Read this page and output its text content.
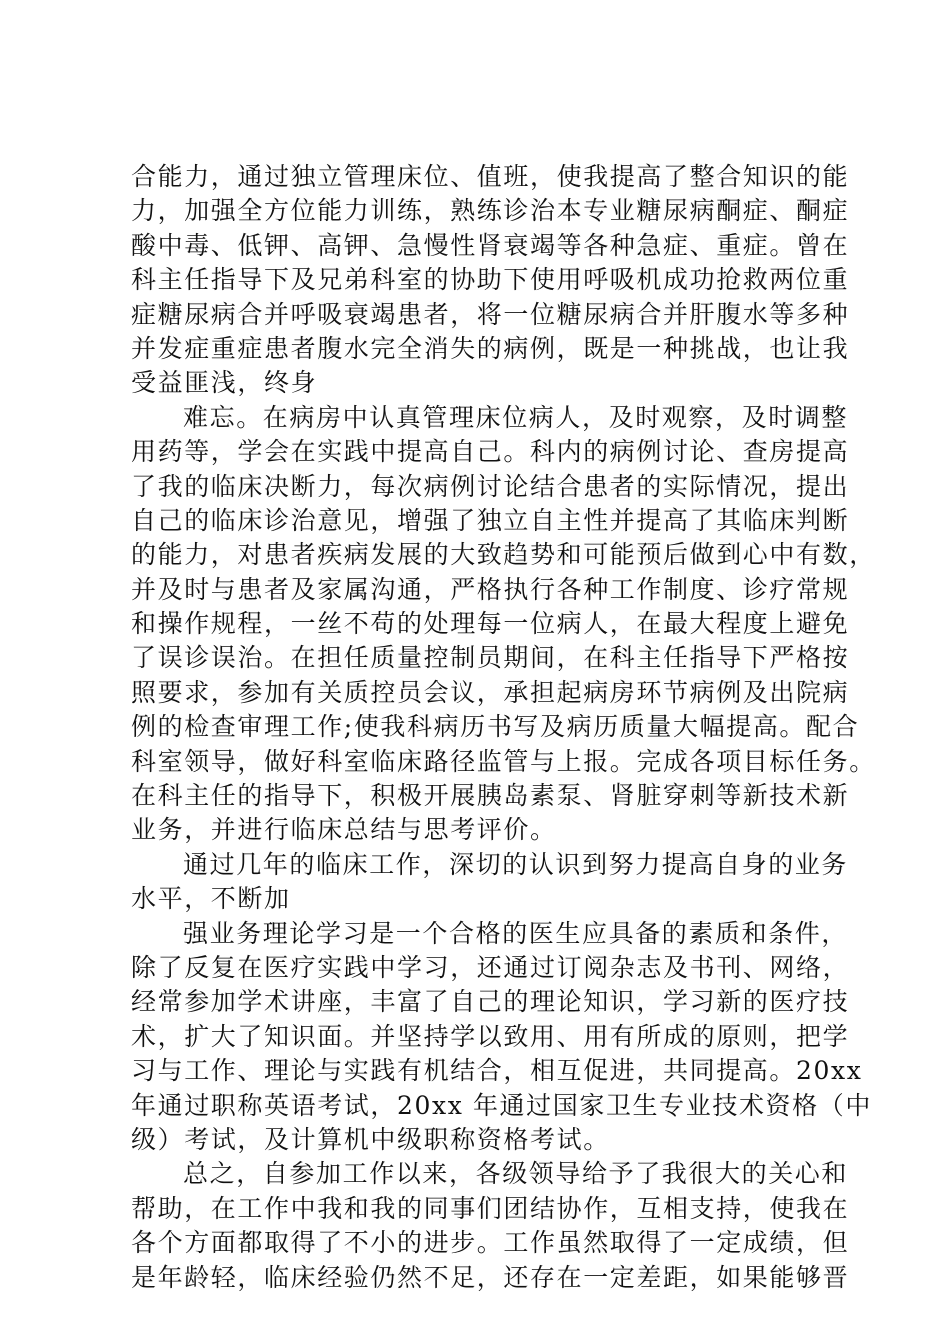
合能力，通过独立管理床位、值班，使我提高了整合知识的能
力，加强全方位能力训练，熟练诊治本专业糖尿病酮症、酮症
酸中毒、低钾、高钾、急慢性肾衰竭等各种急症、重症。曾在
科主任指导下及兄弟科室的协助下使用呼吸机成功抢救两位重
症糖尿病合并呼吸衰竭患者，将一位糖尿病合并肝腹水等多种
并发症重症患者腹水完全消失的病例，既是一种挑战，也让我
受益匪浅，终身
难忘。在病房中认真管理床位病人，及时观察，及时调整
用药等，学会在实践中提高自己。科内的病例讨论、查房提高
了我的临床决断力，每次病例讨论结合患者的实际情况，提出
自己的临床诊治意见，增强了独立自主性并提高了其临床判断
的能力，对患者疾病发展的大致趋势和可能预后做到心中有数，
并及时与患者及家属沟通，严格执行各种工作制度、诊疗常规
和操作规程，一丝不苟的处理每一位病人，在最大程度上避免
了误诊误治。在担任质量控制员期间，在科主任指导下严格按
照要求，参加有关质控员会议，承担起病房环节病例及出院病
例的检查审理工作;使我科病历书写及病历质量大幅提高。配合
科室领导，做好科室临床路径监管与上报。完成各项目标任务。
在科主任的指导下，积极开展胰岛素泵、肾脏穿刺等新技术新
业务，并进行临床总结与思考评价。
通过几年的临床工作，深切的认识到努力提高自身的业务
水平，不断加
强业务理论学习是一个合格的医生应具备的素质和条件，
除了反复在医疗实践中学习，还通过订阅杂志及书刊、网络，
经常参加学术讲座，丰富了自己的理论知识，学习新的医疗技
术，扩大了知识面。并坚持学以致用、用有所成的原则，把学
习与工作、理论与实践有机结合，相互促进，共同提高。20xx
年通过职称英语考试，20xx 年通过国家卫生专业技术资格（中
级）考试，及计算机中级职称资格考试。
总之，自参加工作以来，各级领导给予了我很大的关心和
帮助，在工作中我和我的同事们团结协作，互相支持，使我在
各个方面都取得了不小的进步。工作虽然取得了一定成绩，但
是年龄轻，临床经验仍然不足，还存在一定差距，如果能够晋
